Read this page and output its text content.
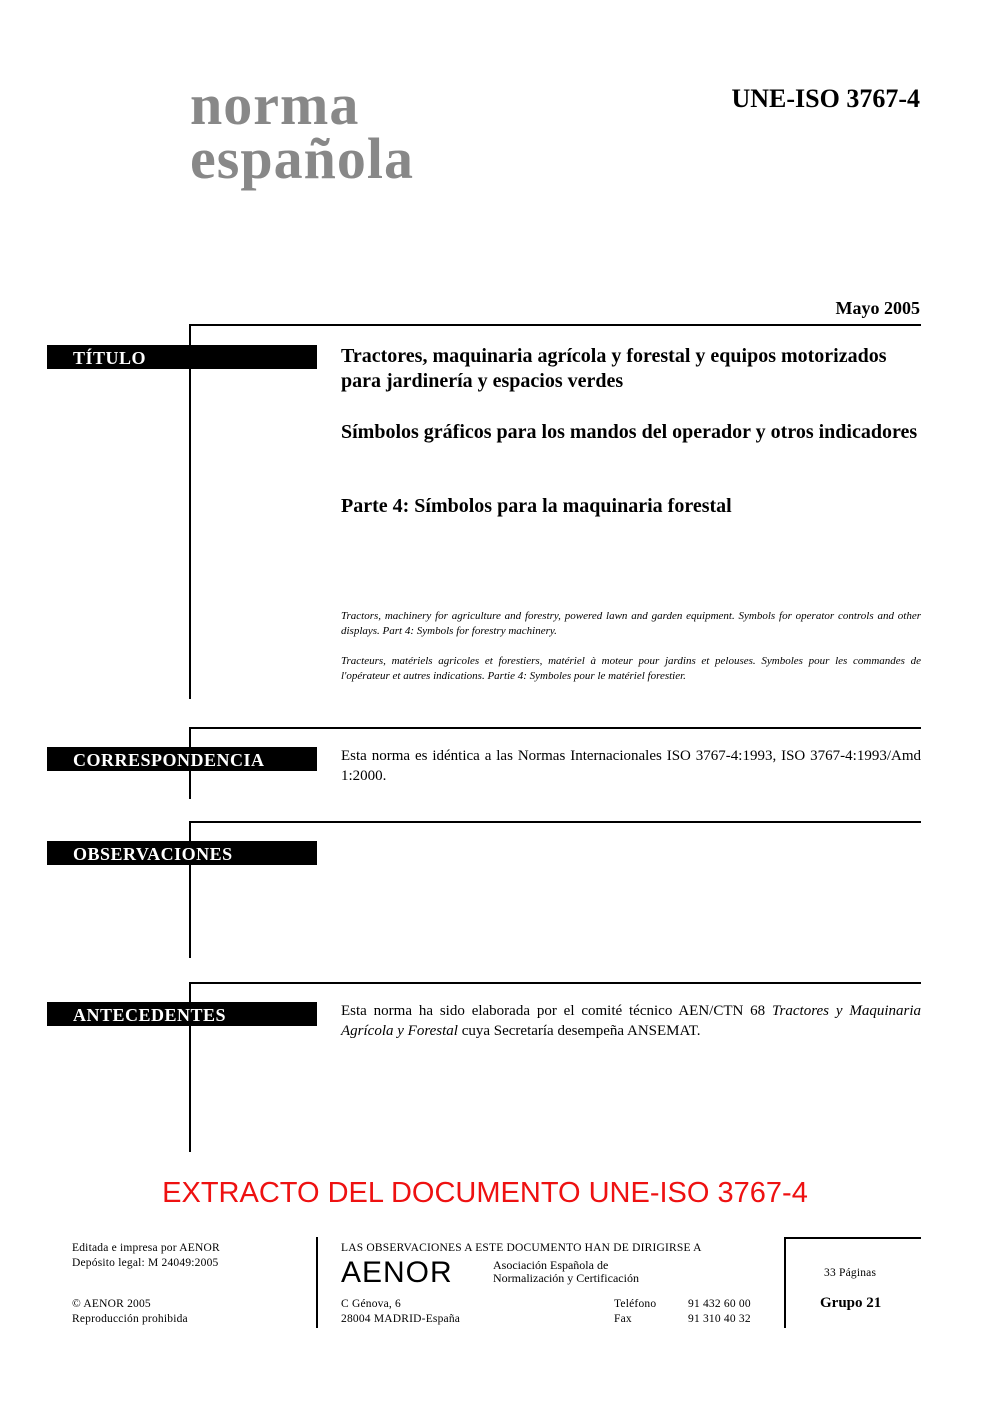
norma
española
UNE-ISO 3767-4
Mayo 2005
TÍTULO	Tractores, maquinaria agrícola y forestal y equipos motorizados para jardinería y espacios verdes
Símbolos gráficos para los mandos del operador y otros indicadores
Parte 4: Símbolos para la maquinaria forestal
Tractors, machinery for agriculture and forestry, powered lawn and garden equipment. Symbols for operator controls and other displays. Part 4: Symbols for forestry machinery.
Tracteurs, matériels agricoles et forestiers, matériel à moteur pour jardins et pelouses. Symboles pour les commandes de l'opérateur et autres indications. Partie 4: Symboles pour le matériel forestier.
CORRESPONDENCIA	Esta norma es idéntica a las Normas Internacionales ISO 3767-4:1993, ISO 3767-4:1993/Amd 1:2000.
OBSERVACIONES
ANTECEDENTES	Esta norma ha sido elaborada por el comité técnico AEN/CTN 68 Tractores y Maquinaria Agrícola y Forestal cuya Secretaría desempeña ANSEMAT.
EXTRACTO DEL DOCUMENTO UNE-ISO 3767-4
Editada e impresa por AENOR
Depósito legal: M 24049:2005
© AENOR 2005
Reproducción prohibida
LAS OBSERVACIONES A ESTE DOCUMENTO HAN DE DIRIGIRSE A
AENOR	Asociación Española de
Normalización y Certificación
C Génova, 6
28004 MADRID-España
Teléfono	91 432 60 00
Fax	91 310 40 32
33 Páginas
Grupo 21
